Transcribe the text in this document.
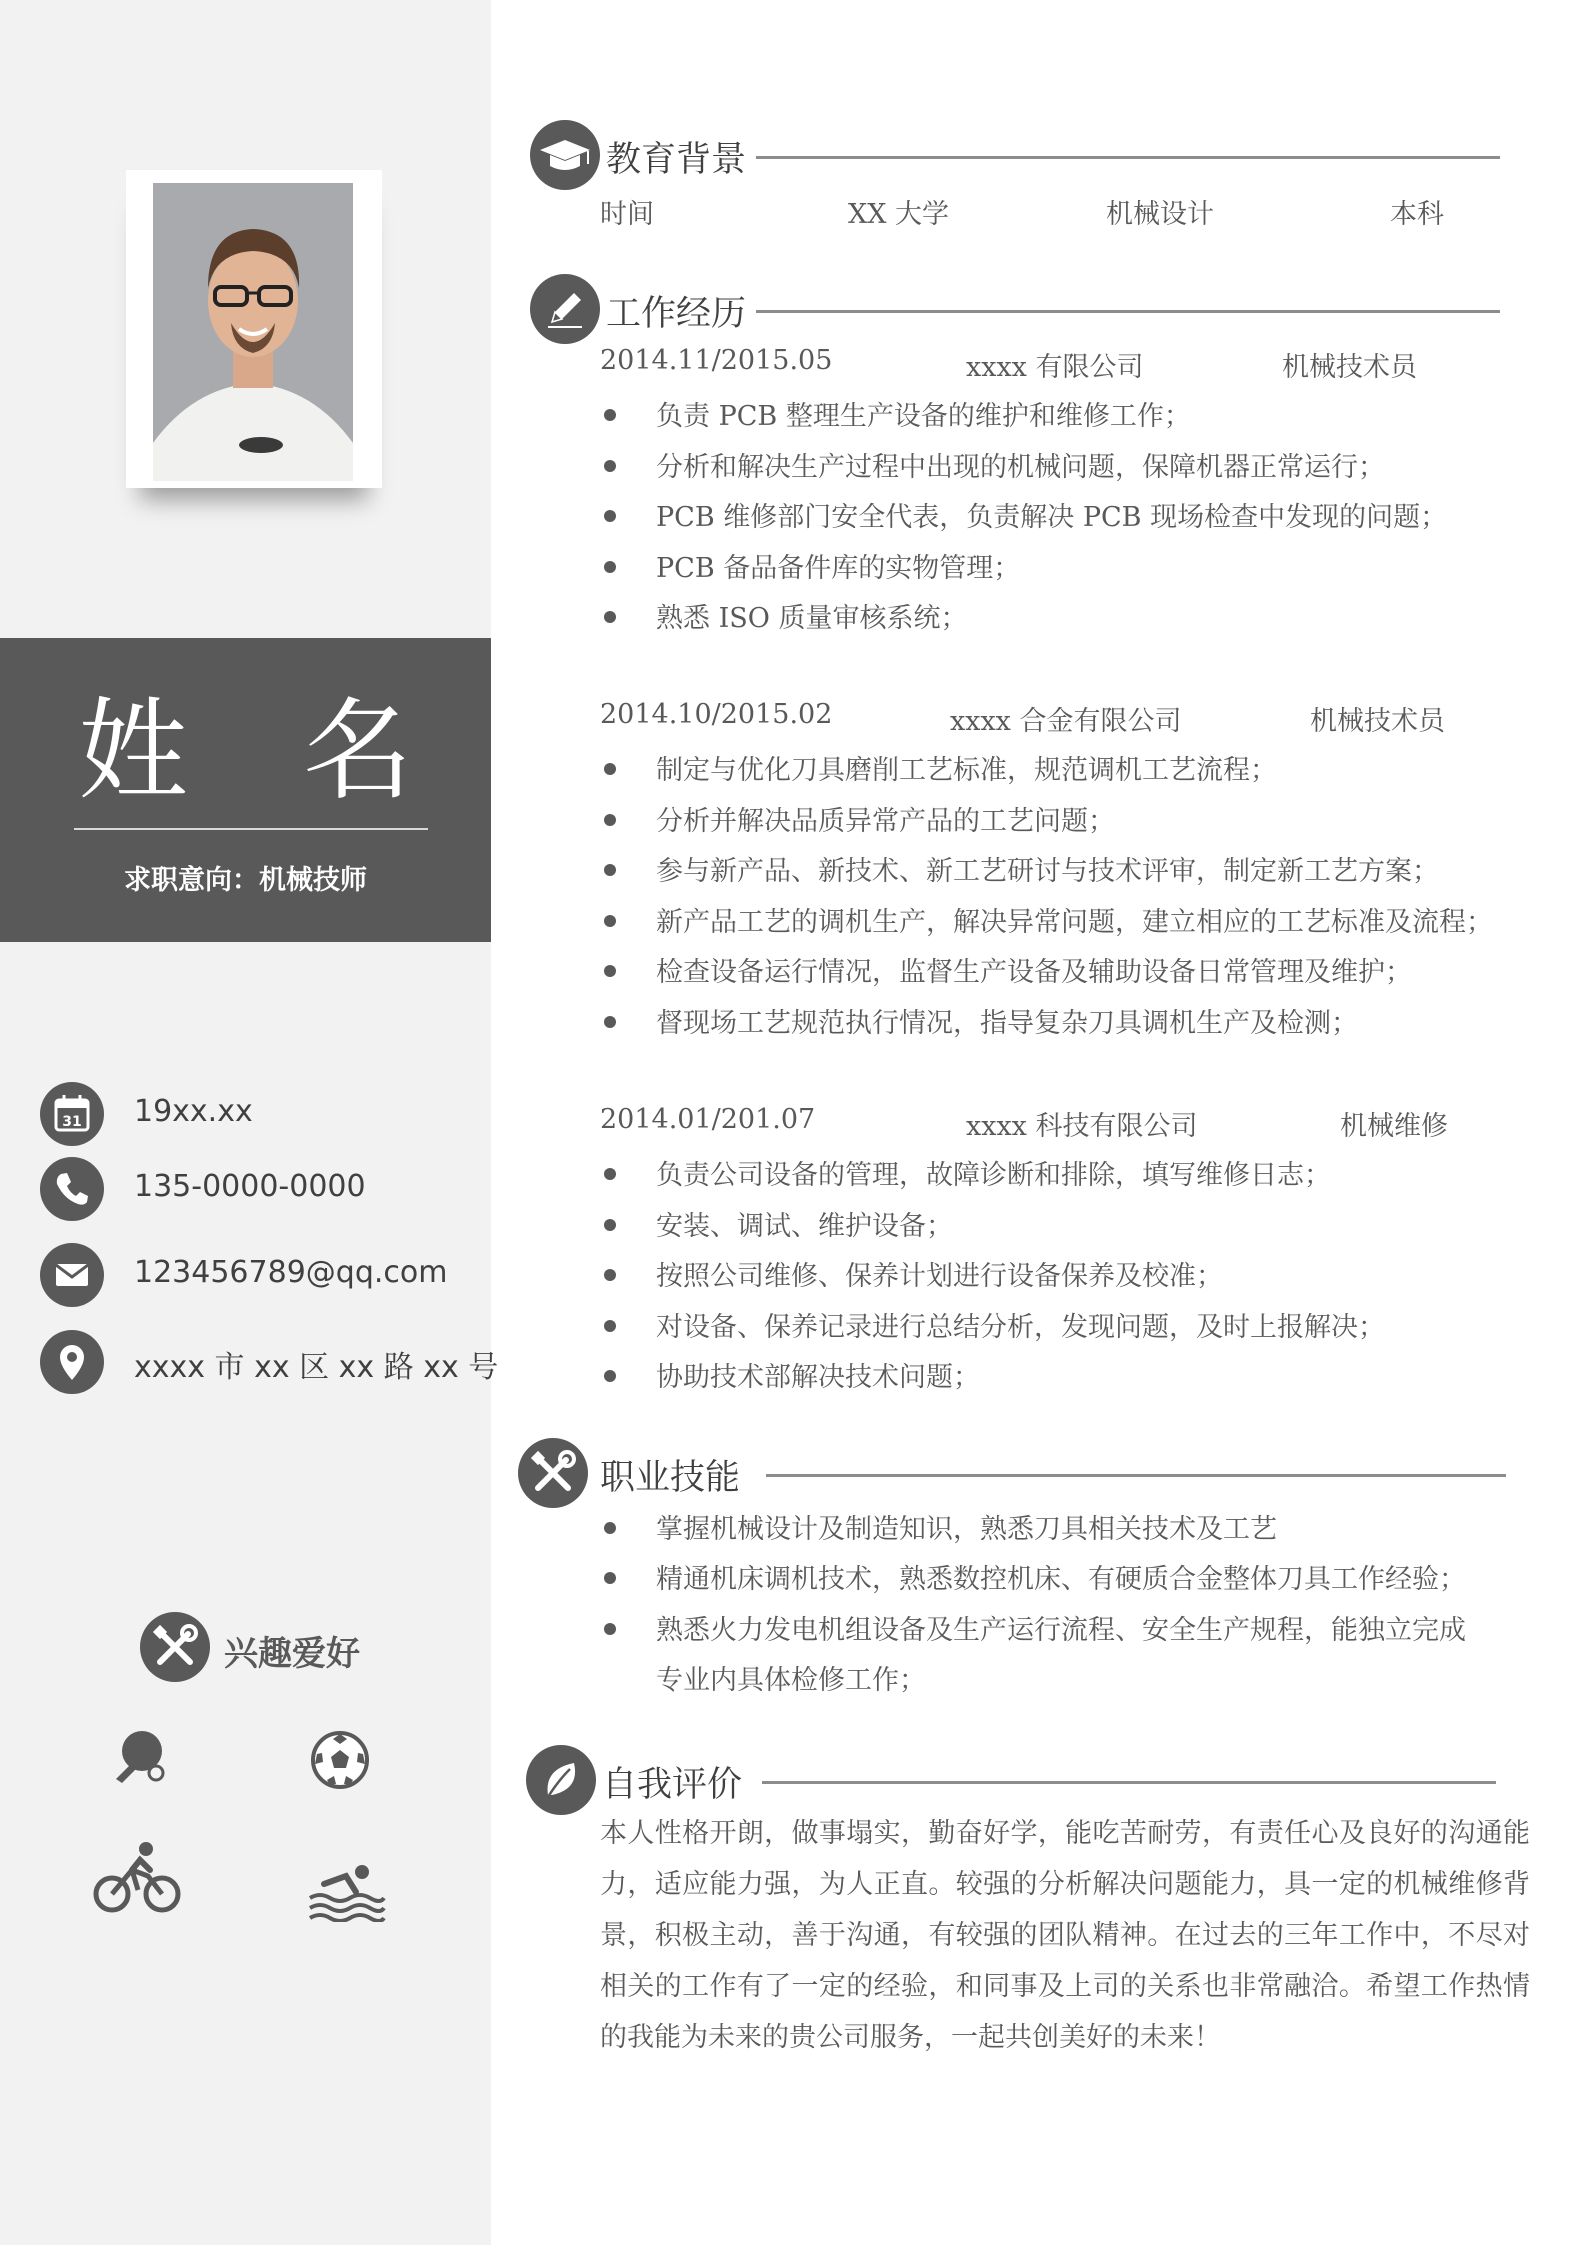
姓 名
求职意向：机械技师
31 19xx.xx
135-0000-0000
123456789@qq.com
xxxx 市 xx 区 xx 路 xx 号
兴趣爱好
教育背景
时间	XX 大学	机械设计	本科
工作经历
2014.11/2015.05	xxxx 有限公司	机械技术员
负责 PCB 整理生产设备的维护和维修工作；
分析和解决生产过程中出现的机械问题，保障机器正常运行；
PCB 维修部门安全代表，负责解决 PCB 现场检查中发现的问题；
PCB 备品备件库的实物管理；
熟悉 ISO 质量审核系统；
2014.10/2015.02	xxxx 合金有限公司	机械技术员
制定与优化刀具磨削工艺标准，规范调机工艺流程；
分析并解决品质异常产品的工艺问题；
参与新产品、新技术、新工艺研讨与技术评审，制定新工艺方案；
新产品工艺的调机生产，解决异常问题，建立相应的工艺标准及流程；
检查设备运行情况，监督生产设备及辅助设备日常管理及维护；
督现场工艺规范执行情况，指导复杂刀具调机生产及检测；
2014.01/201.07	xxxx 科技有限公司	机械维修
负责公司设备的管理，故障诊断和排除，填写维修日志；
安装、调试、维护设备；
按照公司维修、保养计划进行设备保养及校准；
对设备、保养记录进行总结分析，发现问题，及时上报解决；
协助技术部解决技术问题；
职业技能
掌握机械设计及制造知识，熟悉刀具相关技术及工艺
精通机床调机技术，熟悉数控机床、有硬质合金整体刀具工作经验；
熟悉火力发电机组设备及生产运行流程、安全生产规程，能独立完成
专业内具体检修工作；
自我评价
本人性格开朗，做事塌实，勤奋好学，能吃苦耐劳，有责任心及良好的沟通能力，适应能力强，为人正直。较强的分析解决问题能力，具一定的机械维修背景，积极主动，善于沟通，有较强的团队精神。在过去的三年工作中，不尽对相关的工作有了一定的经验，和同事及上司的关系也非常融洽。希望工作热情的我能为未来的贵公司服务，一起共创美好的未来！
